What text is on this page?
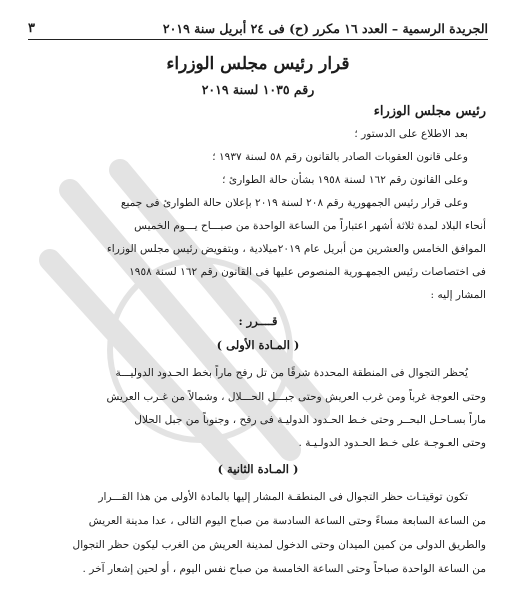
الجريدة الرسمية – العدد ١٦ مكرر (ح) فى ٢٤ أبريل سنة ٢٠١٩
٣
قرار رئيس مجلس الوزراء
رقم ١٠٣٥ لسنة ٢٠١٩
رئيس مجلس الوزراء
بعد الاطلاع على الدستور ؛
وعلى قانون العقوبات الصادر بالقانون رقم ٥٨ لسنة ١٩٣٧ ؛
وعلى القانون رقم ١٦٢ لسنة ١٩٥٨ بشأن حالة الطوارئ ؛
وعلى قرار رئيس الجمهورية رقم ٢٠٨ لسنة ٢٠١٩ بإعلان حالة الطوارئ فى جميع
أنحاء البلاد لمدة ثلاثة أشهر اعتباراً من الساعة الواحدة من صبـــاح يـــوم الخميس
الموافق الخامس والعشرين من أبريل عام ٢٠١٩ميلادية ، وبتفويض رئيس مجلس الوزراء
فى اختصاصات رئيس الجمهـورية المنصوص عليها فى القانون رقم ١٦٢ لسنة ١٩٥٨
المشار إليه :
قــــرر :
( المـادة الأولى )
يُحظر التجوال فى المنطقة المحددة شرقًا من تل رفح ماراً بخط الحـدود الدوليـــة
وحتى العوجة غرباً ومن غرب العريش وحتى جبـــل الحـــلال ، وشمالاً من غـرب العريش
ماراً بسـاحـل البحــر وحتى خـط الحـدود الدوليـة فى رفح ، وجنوباً من جبل الحلال
وحتى العـوجـة على خـط الحـدود الدولـيـة .
( المـادة الثانية )
تكون توقيتـات حظر التجوال فى المنطقـة المشار إليها بالمادة الأولى من هذا القـــرار
من الساعة السابعة مساءً وحتى الساعة السادسة من صباح اليوم التالى ، عدا مدينة العريش
والطريق الدولى من كمين الميدان وحتى الدخول لمدينة العريش من الغرب ليكون حظر التجوال
من الساعة الواحدة صباحاً وحتى الساعة الخامسة من صباح نفس اليوم ، أو لحين إشعار آخر .
